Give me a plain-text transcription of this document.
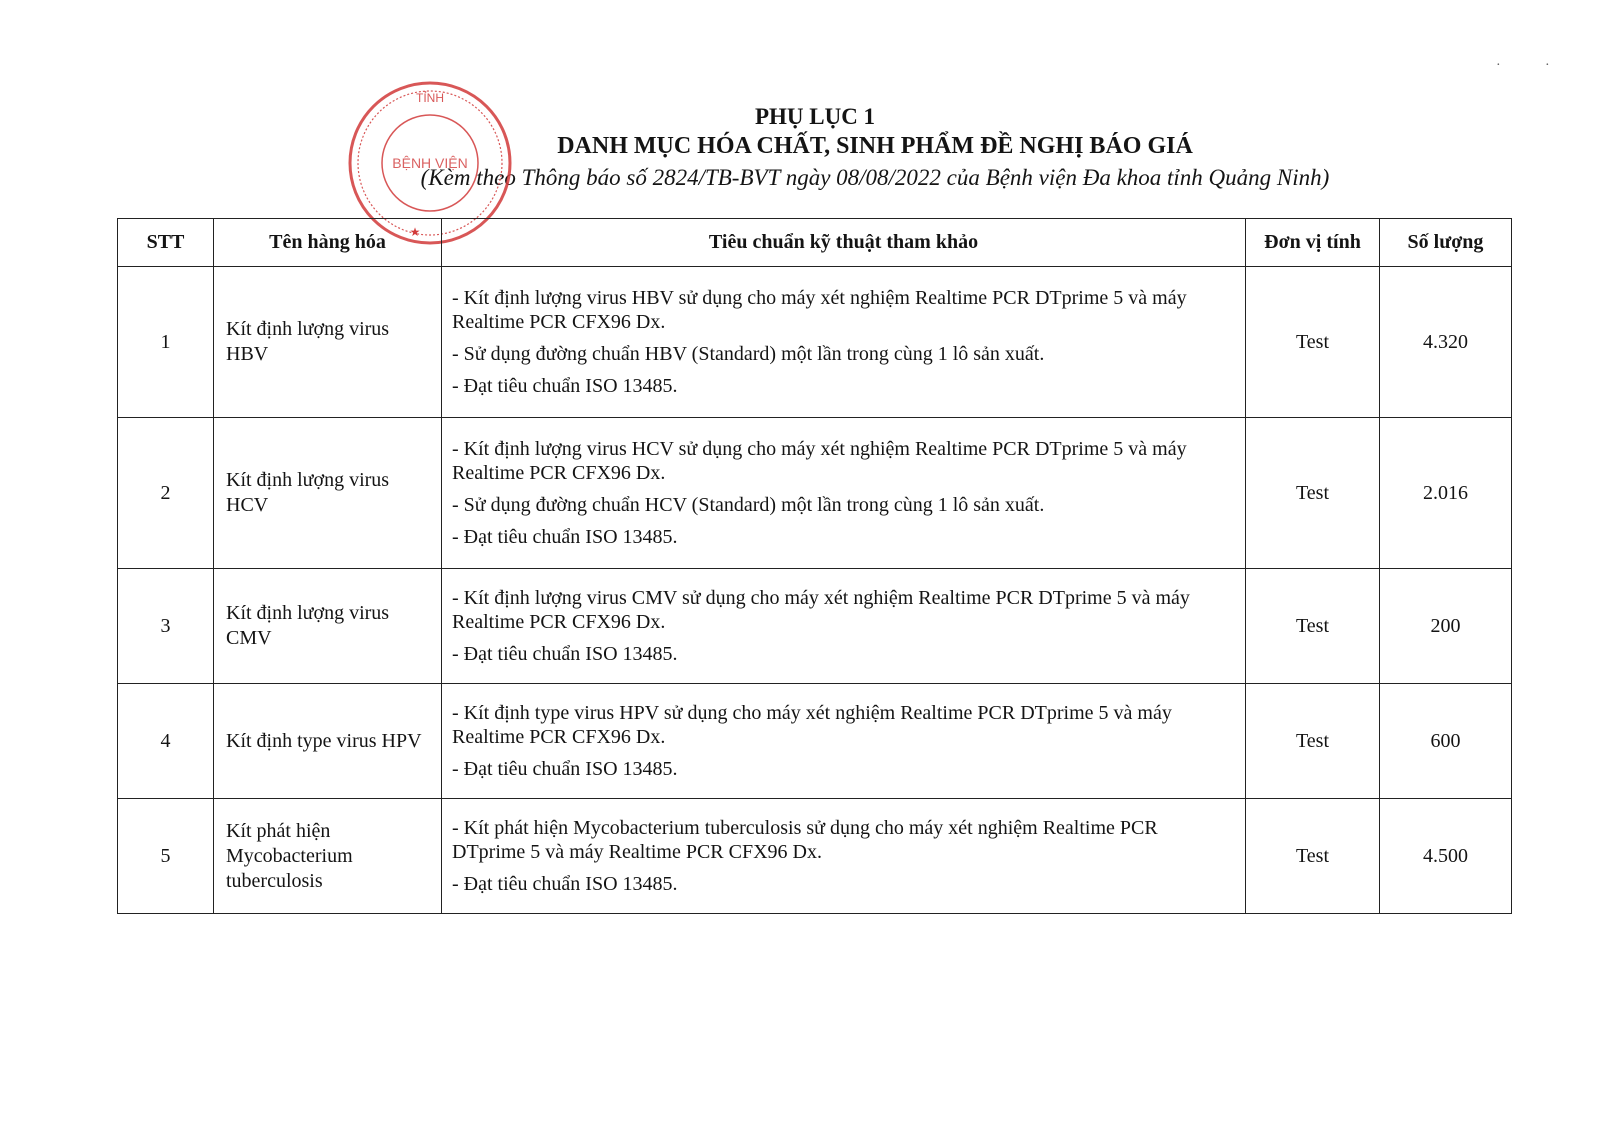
·	·
PHỤ LỤC 1
DANH MỤC HÓA CHẤT, SINH PHẨM ĐỀ NGHỊ BÁO GIÁ
(Kèm theo Thông báo số 2824/TB-BVT ngày 08/08/2022 của Bệnh viện Đa khoa tỉnh Quảng Ninh)
TỈNH
BỆNH VIỆN
★
STT	Tên hàng hóa	Tiêu chuẩn kỹ thuật tham khảo	Đơn vị tính	Số lượng
1	Kít định lượng virus HBV	- Kít định lượng virus HBV sử dụng cho máy xét nghiệm Realtime PCR DTprime 5 và máy Realtime PCR CFX96 Dx.
- Sử dụng đường chuẩn HBV (Standard) một lần trong cùng 1 lô sản xuất.
- Đạt tiêu chuẩn ISO 13485.	Test	4.320
2	Kít định lượng virus HCV	- Kít định lượng virus HCV sử dụng cho máy xét nghiệm Realtime PCR DTprime 5 và máy Realtime PCR CFX96 Dx.
- Sử dụng đường chuẩn HCV (Standard) một lần trong cùng 1 lô sản xuất.
- Đạt tiêu chuẩn ISO 13485.	Test	2.016
3	Kít định lượng virus CMV	- Kít định lượng virus CMV sử dụng cho máy xét nghiệm Realtime PCR DTprime 5 và máy Realtime PCR CFX96 Dx.
- Đạt tiêu chuẩn ISO 13485.	Test	200
4	Kít định type virus HPV	- Kít định type virus HPV sử dụng cho máy xét nghiệm Realtime PCR DTprime 5 và máy Realtime PCR CFX96 Dx.
- Đạt tiêu chuẩn ISO 13485.	Test	600
5	Kít phát hiện Mycobacterium tuberculosis	- Kít phát hiện Mycobacterium tuberculosis sử dụng cho máy xét nghiệm Realtime PCR DTprime 5 và máy Realtime PCR CFX96 Dx.
- Đạt tiêu chuẩn ISO 13485.	Test	4.500
